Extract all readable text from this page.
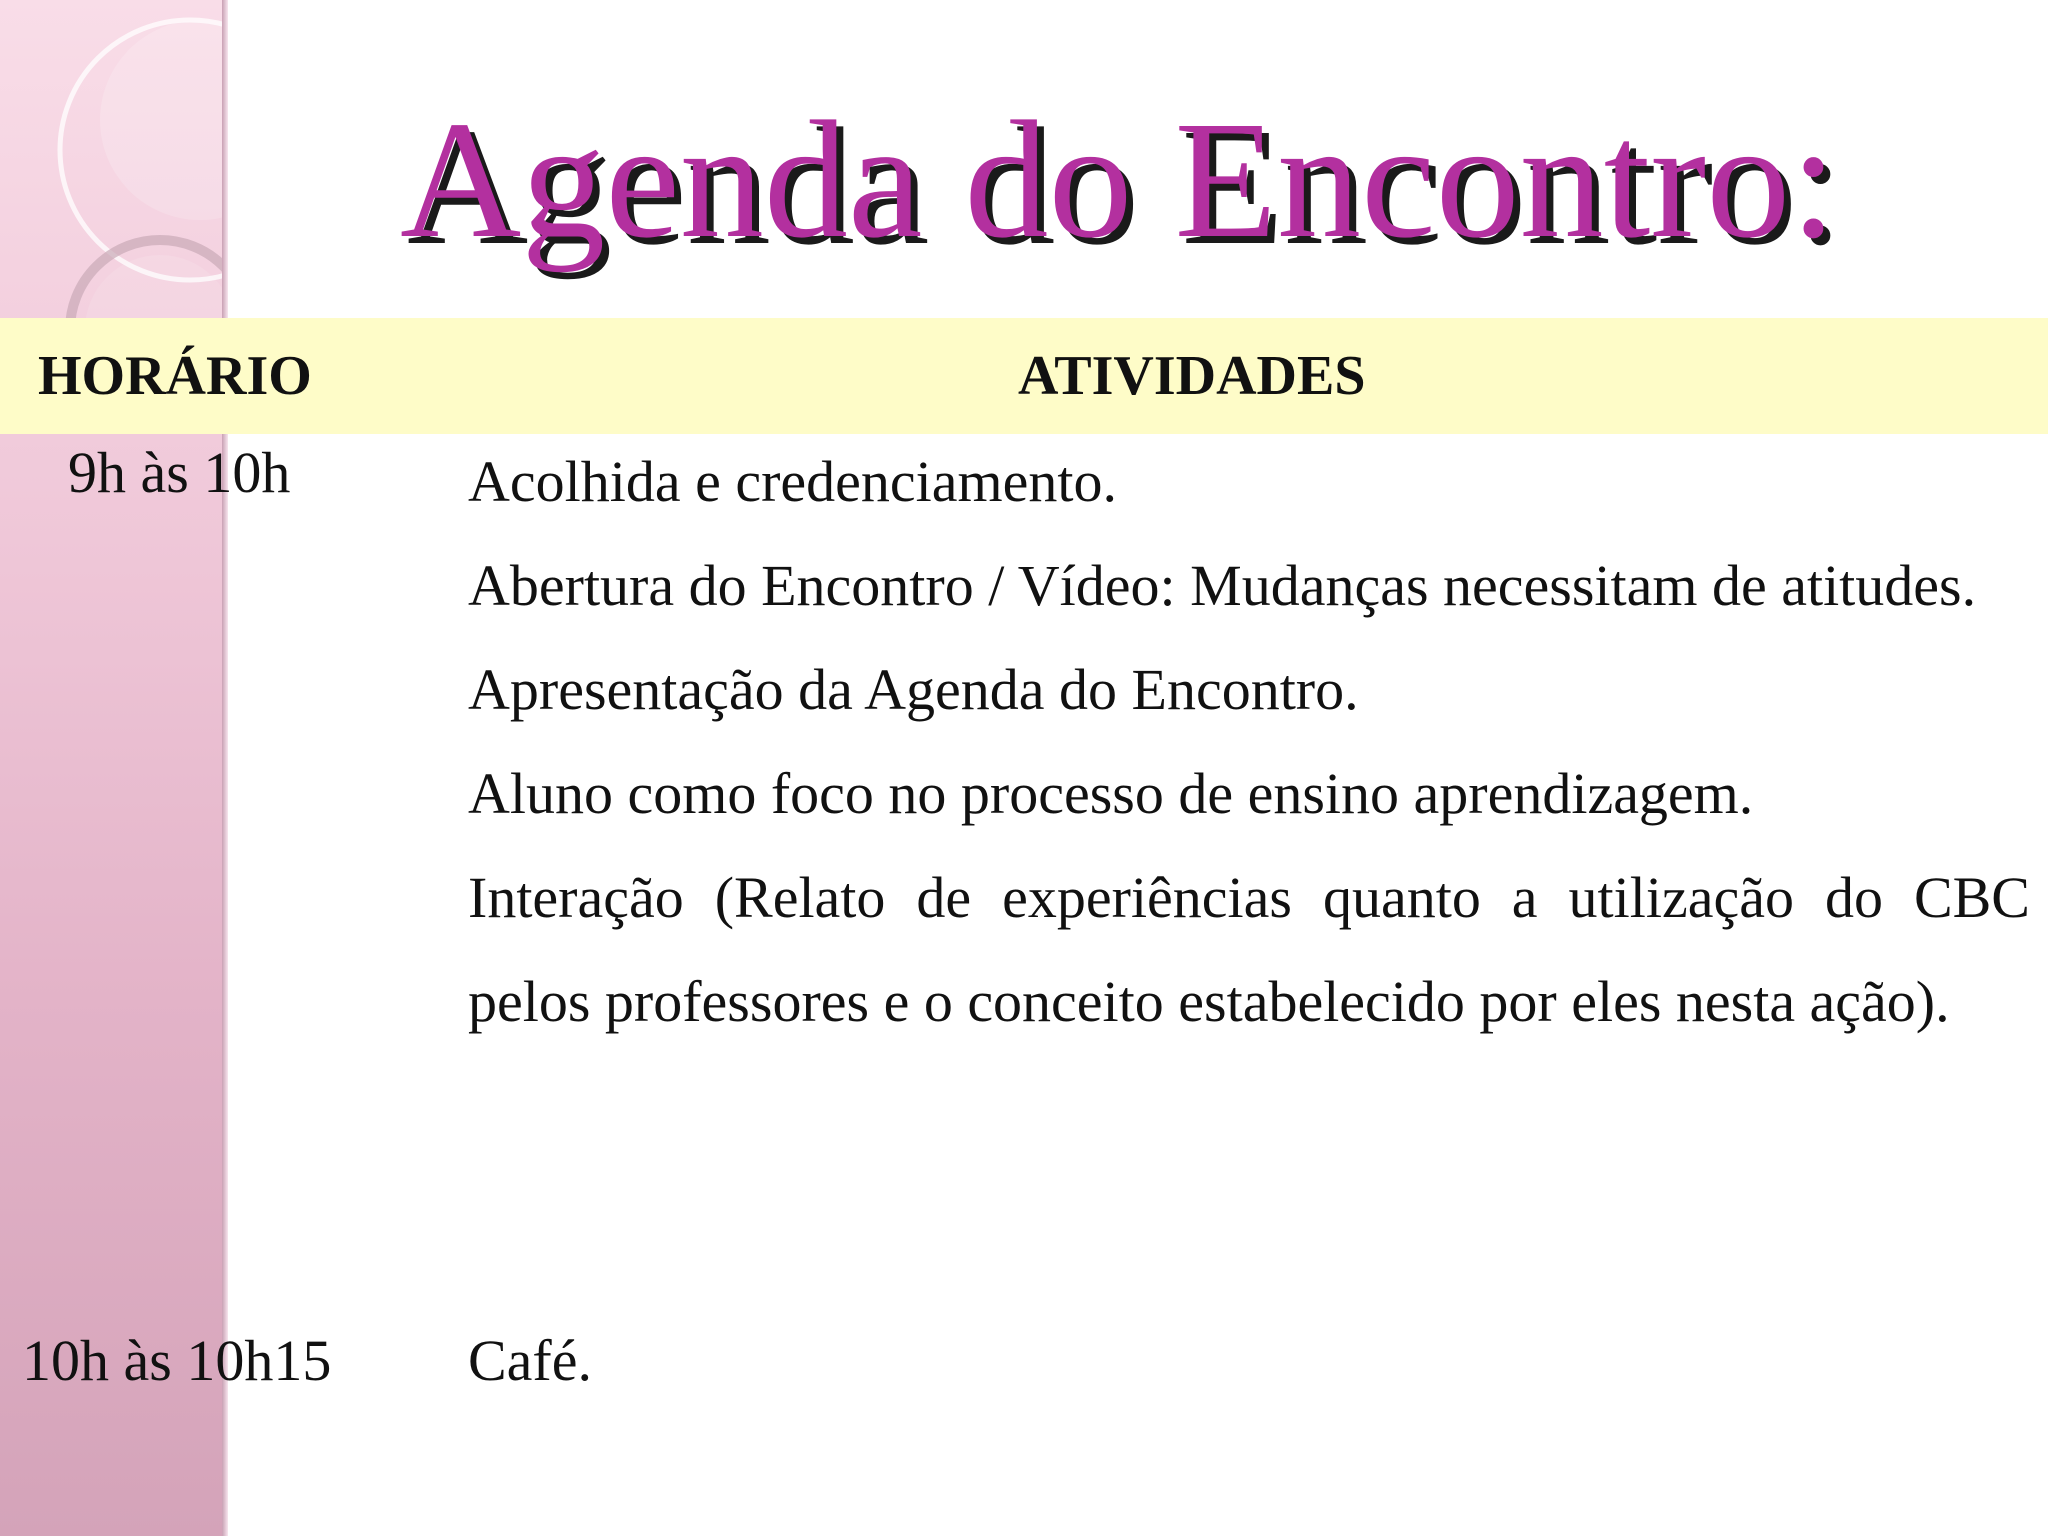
Agenda do Encontro:
HORÁRIO	ATIVIDADES
9h às 10h	Acolhida e credenciamento.
Abertura do Encontro / Vídeo: Mudanças necessitam de atitudes.
Apresentação da Agenda do Encontro.
Aluno como foco no processo de ensino aprendizagem.
Interação (Relato de experiências quanto a utilização do CBC pelos professores e o conceito estabelecido por eles nesta ação).
10h às 10h15 Café.
